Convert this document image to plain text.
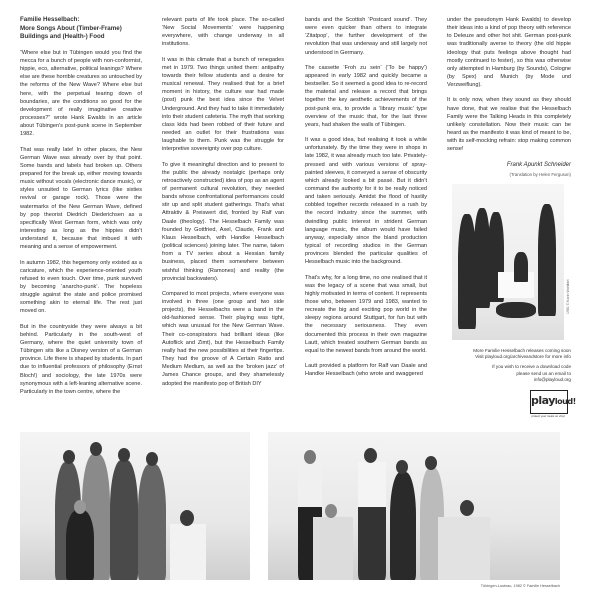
Familie Hesselbach:
More Songs About (Timber-Frame) Buildings and (Health-) Food

“Where else but in Tübingen would you find the mecca for a bunch of people with non-conformist, hippie, eco, alternative, political leanings? Where else are these horrible creatures so untouched by the reforms of the New Wave? Where else but here, with the perpetual tearing down of boundaries, are the conditions so good for the development of really imaginative creative processes?” wrote Hank Ewalds in an article about Tübingen's post-punk scene in September 1982.

That was really late! In other places, the New German Wave was already over by that point. Some bands and labels had broken up. Others prepared for the break up, either moving towards music without vocals (electronic dance music), or styles unsuited to German lyrics (like sixties revival or garage rock). Those were the watermarks of the New German Wave, defined by pop theorist Diedrich Diederichsen as a specifically West German form, which was only interesting as long as the hippies didn't understand it, because that imbued it with meaning and a sense of empowerment.

In autumn 1982, this hegemony only existed as a caricature, which the experience-oriented youth refused to even touch. Over time, punk survived by becoming ‘anarcho-punk’. The hopeless struggle against the state and police promised something akin to eternal life. The rest just moved on.

But in the countryside they were always a bit behind. Particularly in the south-west of Germany, where the quiet university town of Tübingen sits like a Disney version of a German province. Life there is shaped by students. In part due to influential professors of philosophy (Ernst Bloch!) and sociology, the late 1970s were synonymous with a left-leaning alternative scene. Particularly in the town centre, where the

relevant parts of life took place. The so-called ‘New Social Movements’ were happening everywhere, with change underway in all institutions.

It was in this climate that a bunch of renegades met in 1979. Two things united them: antipathy towards their fellow students and a desire for musical renewal. They realised that for a brief moment in history, the culture war had made (post) punk the best idea since the Velvet Underground. And they had to take it immediately into their student cafeteria. The myth that working class kids had been robbed of their future and needed an outlet for their frustrations was laughable to them. Punk was the struggle for interpretive sovereignty over pop culture.

To give it meaningful direction and to present to the public the already nostalgic (perhaps only retroactively constructed) idea of pop as an agent of permanent cultural revolution, they needed bands whose confrontational performances could stir up and split student gatherings. That's what Attraktiv & Preiswert did, fronted by Ralf van Daale (theology). The Hesselbach Family was founded by Gottfried, Axel, Claude, Frank and Klaus Hesselbach, with Handke Hesselbach (political sciences) joining later. The name, taken from a TV series about a Hessian family business, placed them somewhere between wishful thinking (Ramones) and reality (the provincial backwaters).

Compared to most projects, where everyone was involved in three (one group and two side projects), the Hesselbachs were a band in the old-fashioned sense. Their playing was tight, which was unusual for the New German Wave. Their co-conspirators had brilliant ideas (like Autoflick and Zimt), but the Hesselbach Family really had the new possibilities at their fingertips. They had the groove of A Certain Ratio and Medium Medium, as well as the ‘broken jazz’ of James Chance groups, and they shamelessly adopted the manifesto pop of British DIY

bands and the Scottish ‘Postcard sound’. They were even quicker than others to integrate ‘Zitatpop’, the further development of the revolution that was underway and still largely not understood in Germany.

The cassette ‘Froh zu sein’ (‘To be happy’) appeared in early 1982 and quickly became a bestseller. So it seemed a good idea to re-record the material and release a record that brings together the key aesthetic achievements of the post-punk era, to provide a ‘library music’ type overview of the music that, for the last three years, had shaken the walls of Tübingen.

It was a good idea, but realising it took a while unfortunately. By the time they were in shops in late 1982, it was already much too late. Privately-pressed and with various versions of spray-painted sleeves, it conveyed a sense of obscurity which already looked a bit passé. But it didn't command the authority for it to be really noticed and taken seriously. Amidst the flood of hastily cobbled together records released in a rush by the record industry since the summer, with dwindling public interest in strident German language music, the album would have failed anyway, especially since the bland production typical of recording studios in the German provinces blended the particular qualities of Hesselbach music into the background.

That's why, for a long time, no one realised that it was the legacy of a scene that was small, but highly motivated in terms of content. It represents those who, between 1979 and 1983, wanted to recreate the big and exciting pop world in the sleepy regions around Stuttgart, for fun but with the necessary seriousness. They even documented this process in their own magazine Lautt, which treated southern German bands as equal to the newest bands from around the world.

Lautt provided a platform for Ralf van Daale and Handke Hesselbach (who wrote and swaggered

under the pseudonym Hank Ewalds) to develop their ideas into a kind of pop theory with reference to Deleuze and other hot shit. German post-punk was traditionally averse to theory (the old hippie ideology that puts feelings above thought had mostly continued to fester), so this was otherwise only attempted in Hamburg (by Sounds), Cologne (by Spex) and Munich (by Mode und Verzweiflung).

It is only now, when they sound as they should have done, that we realise that the Hesselbach Family were the Talking Heads in this completely unlikely constellation. Now their music can be heard as the manifesto it was kind of meant to be, with its self-mocking refrain: stop making common sense!

Frank Apunkt Schneider
(Translation by Helen Ferguson)
1981 © Karin Wohlfart
More Familie Hesselbach releases coming soon
Visit playloud.org/archiveandstore for more info
If you wish to receive a download code
please send us an email to
info@playloud.org
playloud!
protect your music on vinyl
Tübingen-Lustnau, 1982 © Familie Hesselbach
